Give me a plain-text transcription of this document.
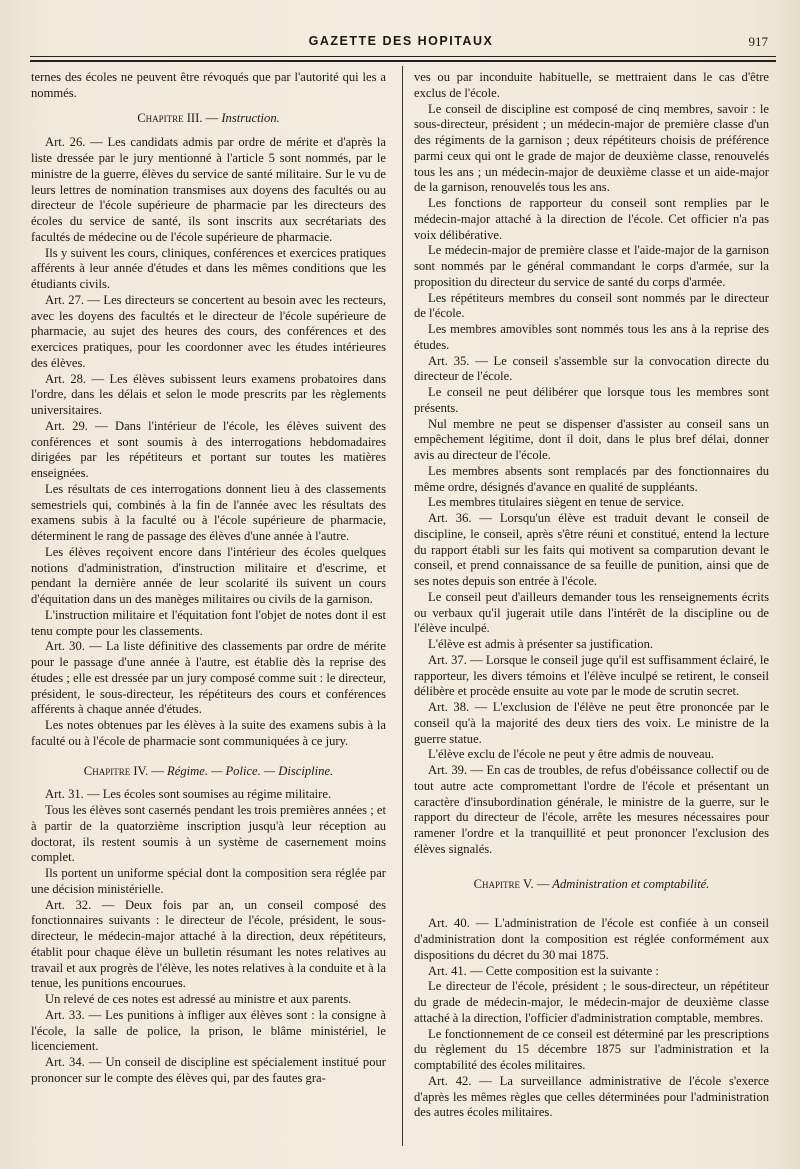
GAZETTE DES HOPITAUX	917

ternes des écoles ne peuvent être révoqués que par l'autorité qui les a nommés.

Chapitre III. — Instruction.

Art. 26. — Les candidats admis par ordre de mérite et d'après la liste dressée par le jury mentionné à l'article 5 sont nommés, par le ministre de la guerre, élèves du service de santé militaire. Sur le vu de leurs lettres de nomination transmises aux doyens des facultés ou au directeur de l'école supérieure de pharmacie par les directeurs des écoles du service de santé, ils sont inscrits aux secrétariats des facultés de médecine ou de l'école supérieure de pharmacie.

Ils y suivent les cours, cliniques, conférences et exercices pratiques afférents à leur année d'études et dans les mêmes conditions que les étudiants civils.

Art. 27. — Les directeurs se concertent au besoin avec les recteurs, avec les doyens des facultés et le directeur de l'école supérieure de pharmacie, au sujet des heures des cours, des conférences et des exercices pratiques, pour les coordonner avec les études intérieures des élèves.

Art. 28. — Les élèves subissent leurs examens probatoires dans l'ordre, dans les délais et selon le mode prescrits par les règlements universitaires.

Art. 29. — Dans l'intérieur de l'école, les élèves suivent des conférences et sont soumis à des interrogations hebdomadaires dirigées par les répétiteurs et portant sur toutes les matières enseignées.

Les résultats de ces interrogations donnent lieu à des classements semestriels qui, combinés à la fin de l'année avec les résultats des examens subis à la faculté ou à l'école supérieure de pharmacie, déterminent le rang de passage des élèves d'une année à l'autre.

Les élèves reçoivent encore dans l'intérieur des écoles quelques notions d'administration, d'instruction militaire et d'escrime, et pendant la dernière année de leur scolarité ils suivent un cours d'équitation dans un des manèges militaires ou civils de la garnison.

L'instruction militaire et l'équitation font l'objet de notes dont il est tenu compte pour les classements.

Art. 30. — La liste définitive des classements par ordre de mérite pour le passage d'une année à l'autre, est établie dès la reprise des études ; elle est dressée par un jury composé comme suit : le directeur, président, le sous-directeur, les répétiteurs des cours et conférences afférents à chaque année d'études.

Les notes obtenues par les élèves à la suite des examens subis à la faculté ou à l'école de pharmacie sont communiquées à ce jury.

Chapitre IV. — Régime. — Police. — Discipline.

Art. 31. — Les écoles sont soumises au régime militaire.

Tous les élèves sont casernés pendant les trois premières années ; et à partir de la quatorzième inscription jusqu'à leur réception au doctorat, ils restent soumis à un système de casernement moins complet.

Ils portent un uniforme spécial dont la composition sera réglée par une décision ministérielle.

Art. 32. — Deux fois par an, un conseil composé des fonctionnaires suivants : le directeur de l'école, président, le sous-directeur, le médecin-major attaché à la direction, deux répétiteurs, établit pour chaque élève un bulletin résumant les notes relatives au travail et aux progrès de l'élève, les notes relatives à la conduite et à la tenue, les punitions encourues.

Un relevé de ces notes est adressé au ministre et aux parents.

Art. 33. — Les punitions à infliger aux élèves sont : la consigne à l'école, la salle de police, la prison, le blâme ministériel, le licenciement.

Art. 34. — Un conseil de discipline est spécialement institué pour prononcer sur le compte des élèves qui, par des fautes gra-

ves ou par inconduite habituelle, se mettraient dans le cas d'être exclus de l'école.

Le conseil de discipline est composé de cinq membres, savoir : le sous-directeur, président ; un médecin-major de première classe d'un des régiments de la garnison ; deux répétiteurs choisis de préférence parmi ceux qui ont le grade de major de deuxième classe, renouvelés tous les ans ; un médecin-major de deuxième classe et un aide-major de la garnison, renouvelés tous les ans.

Les fonctions de rapporteur du conseil sont remplies par le médecin-major attaché à la direction de l'école. Cet officier n'a pas voix délibérative.

Le médecin-major de première classe et l'aide-major de la garnison sont nommés par le général commandant le corps d'armée, sur la proposition du directeur du service de santé du corps d'armée.

Les répétiteurs membres du conseil sont nommés par le directeur de l'école.

Les membres amovibles sont nommés tous les ans à la reprise des études.

Art. 35. — Le conseil s'assemble sur la convocation directe du directeur de l'école.

Le conseil ne peut délibérer que lorsque tous les membres sont présents.

Nul membre ne peut se dispenser d'assister au conseil sans un empêchement légitime, dont il doit, dans le plus bref délai, donner avis au directeur de l'école.

Les membres absents sont remplacés par des fonctionnaires du même ordre, désignés d'avance en qualité de suppléants.

Les membres titulaires siègent en tenue de service.

Art. 36. — Lorsqu'un élève est traduit devant le conseil de discipline, le conseil, après s'être réuni et constitué, entend la lecture du rapport établi sur les faits qui motivent sa comparution devant le conseil, et prend connaissance de sa feuille de punition, ainsi que de ses notes depuis son entrée à l'école.

Le conseil peut d'ailleurs demander tous les renseignements écrits ou verbaux qu'il jugerait utile dans l'intérêt de la discipline ou de l'élève inculpé.

L'élève est admis à présenter sa justification.

Art. 37. — Lorsque le conseil juge qu'il est suffisamment éclairé, le rapporteur, les divers témoins et l'élève inculpé se retirent, le conseil délibère et procède ensuite au vote par le mode de scrutin secret.

Art. 38. — L'exclusion de l'élève ne peut être prononcée par le conseil qu'à la majorité des deux tiers des voix. Le ministre de la guerre statue.

L'élève exclu de l'école ne peut y être admis de nouveau.

Art. 39. — En cas de troubles, de refus d'obéissance collectif ou de tout autre acte compromettant l'ordre de l'école et présentant un caractère d'insubordination générale, le ministre de la guerre, sur le rapport du directeur de l'école, arrête les mesures nécessaires pour ramener l'ordre et la tranquillité et peut prononcer l'exclusion des élèves signalés.

Chapitre V. — Administration et comptabilité.

Art. 40. — L'administration de l'école est confiée à un conseil d'administration dont la composition est réglée conformément aux dispositions du décret du 30 mai 1875.

Art. 41. — Cette composition est la suivante :

Le directeur de l'école, président ; le sous-directeur, un répétiteur du grade de médecin-major, le médecin-major de deuxième classe attaché à la direction, l'officier d'administration comptable, membres.

Le fonctionnement de ce conseil est déterminé par les prescriptions du règlement du 15 décembre 1875 sur l'administration et la comptabilité des écoles militaires.

Art. 42. — La surveillance administrative de l'école s'exerce d'après les mêmes règles que celles déterminées pour l'administration des autres écoles militaires.
